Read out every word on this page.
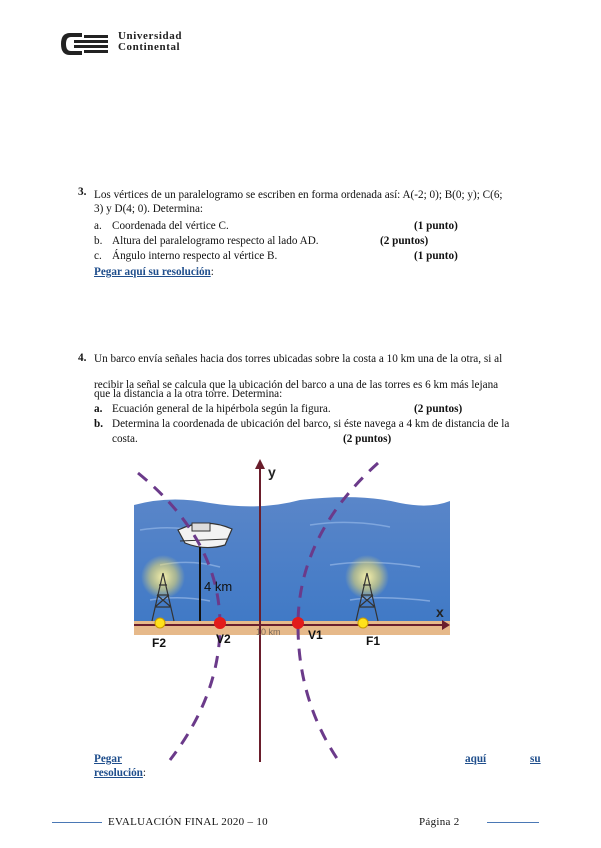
Universidad
Continental
3. Los vértices de un paralelogramo se escriben en forma ordenada así: A(-2; 0); B(0; y); C(6;
3) y D(4; 0). Determina:
a. Coordenada del vértice C.	(1 punto)
b. Altura del paralelogramo respecto al lado AD.	(2 puntos)
c. Ángulo interno respecto al vértice B.	(1 punto)
Pegar aquí su resolución:
4. Un barco envía señales hacia dos torres ubicadas sobre la costa a 10 km una de la otra, si al
recibir la señal se calcula que la ubicación del barco a una de las torres es 6 km más lejana
que la distancia a la otra torre. Determina:
a. Ecuación general de la hipérbola según la figura.	(2 puntos)
b. Determina la coordenada de ubicación del barco, si éste navega a 4 km de distancia de la
costa.	(2 puntos)
y
x
4 km
F2	V2	10 km V1	F1
Pegar	aquí	su
resolución:
EVALUACIÓN FINAL 2020 – 10	Página 2
